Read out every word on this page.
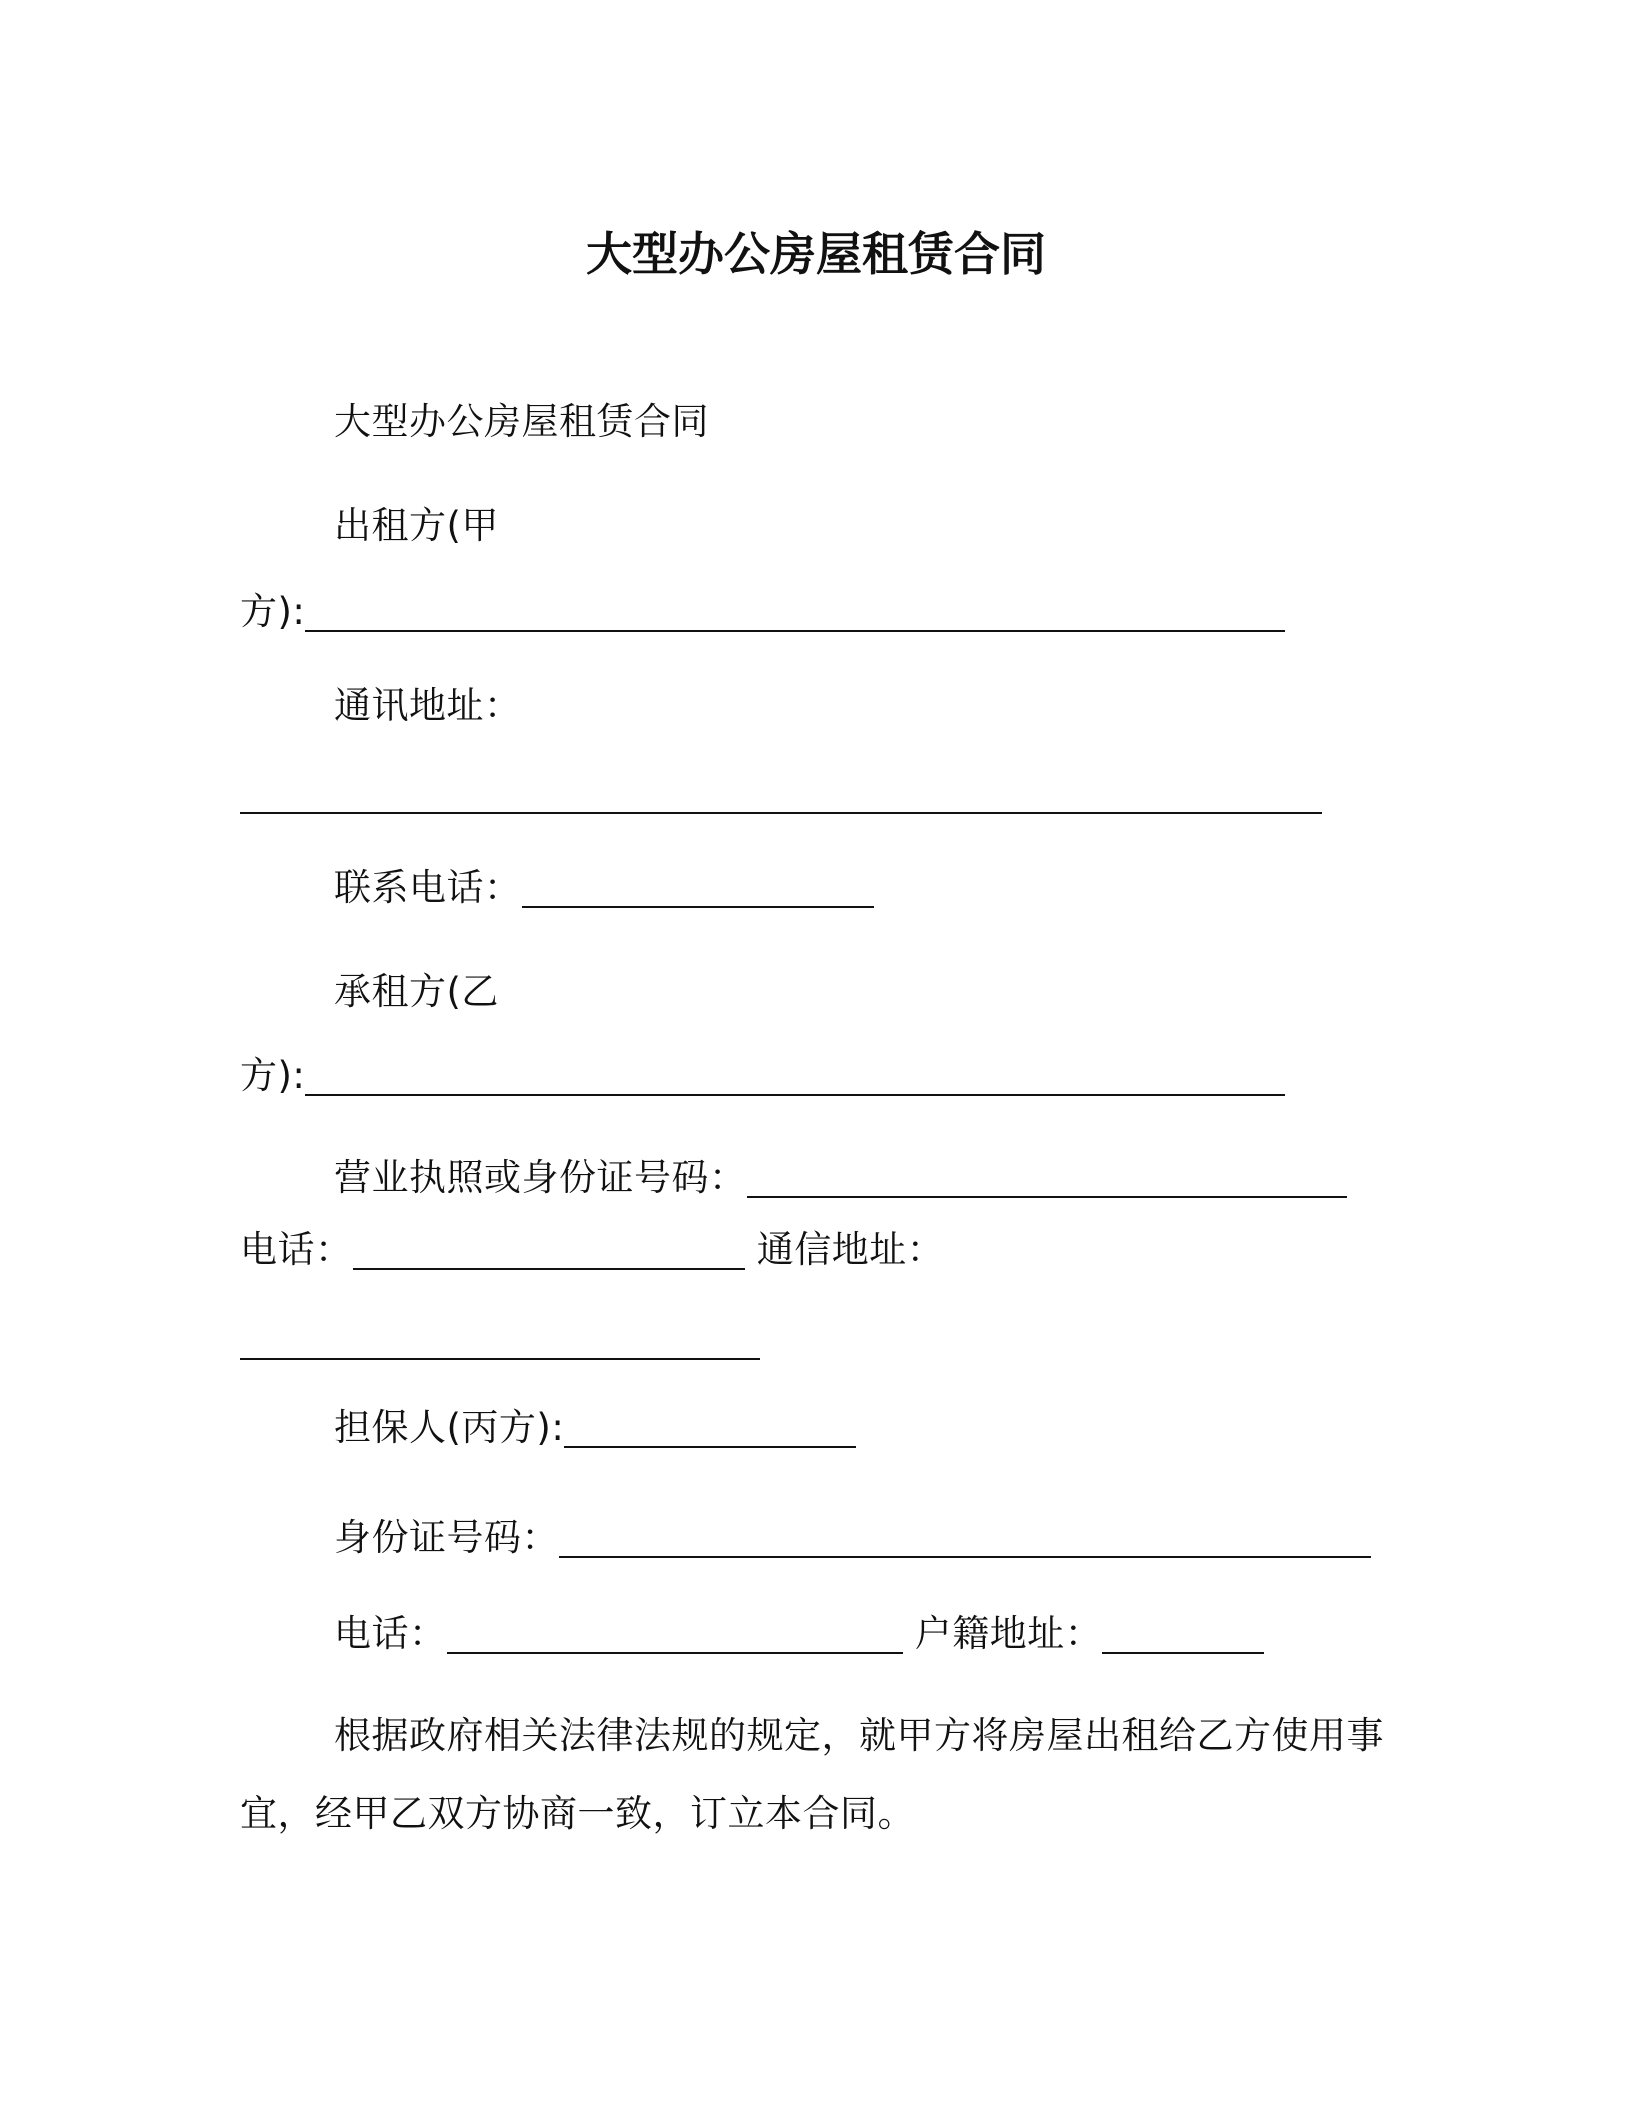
大型办公房屋租赁合同
大型办公房屋租赁合同
出租方(甲
方):
通讯地址：
联系电话：
承租方(乙
方):
营业执照或身份证号码：
电话：	通信地址：
担保人(丙方):
身份证号码：
电话：	户籍地址：
根据政府相关法律法规的规定，就甲方将房屋出租给乙方使用事
宜，经甲乙双方协商一致，订立本合同。
